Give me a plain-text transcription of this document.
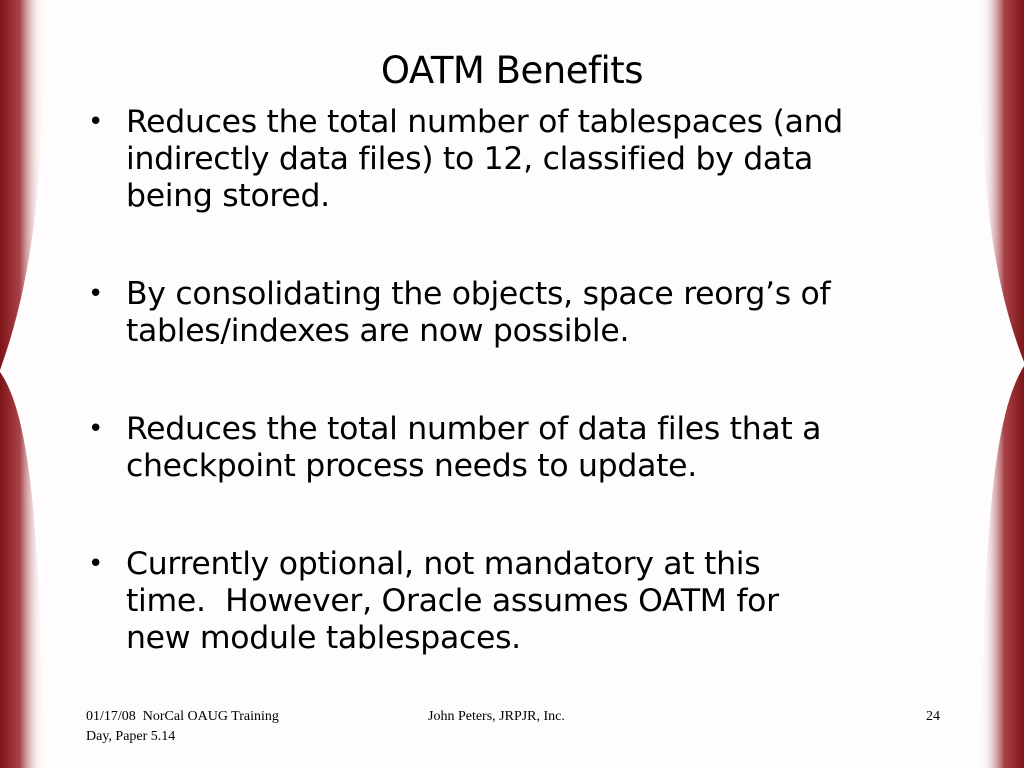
OATM Benefits
• Reduces the total number of tablespaces (and
indirectly data files) to 12, classified by data
being stored.
• By consolidating the objects, space reorg’s of
tables/indexes are now possible.
• Reduces the total number of data files that a
checkpoint process needs to update.
• Currently optional, not mandatory at this
time.  However, Oracle assumes OATM for
new module tablespaces.
01/17/08  NorCal OAUG Training
Day, Paper 5.14
John Peters, JRPJR, Inc.	24
